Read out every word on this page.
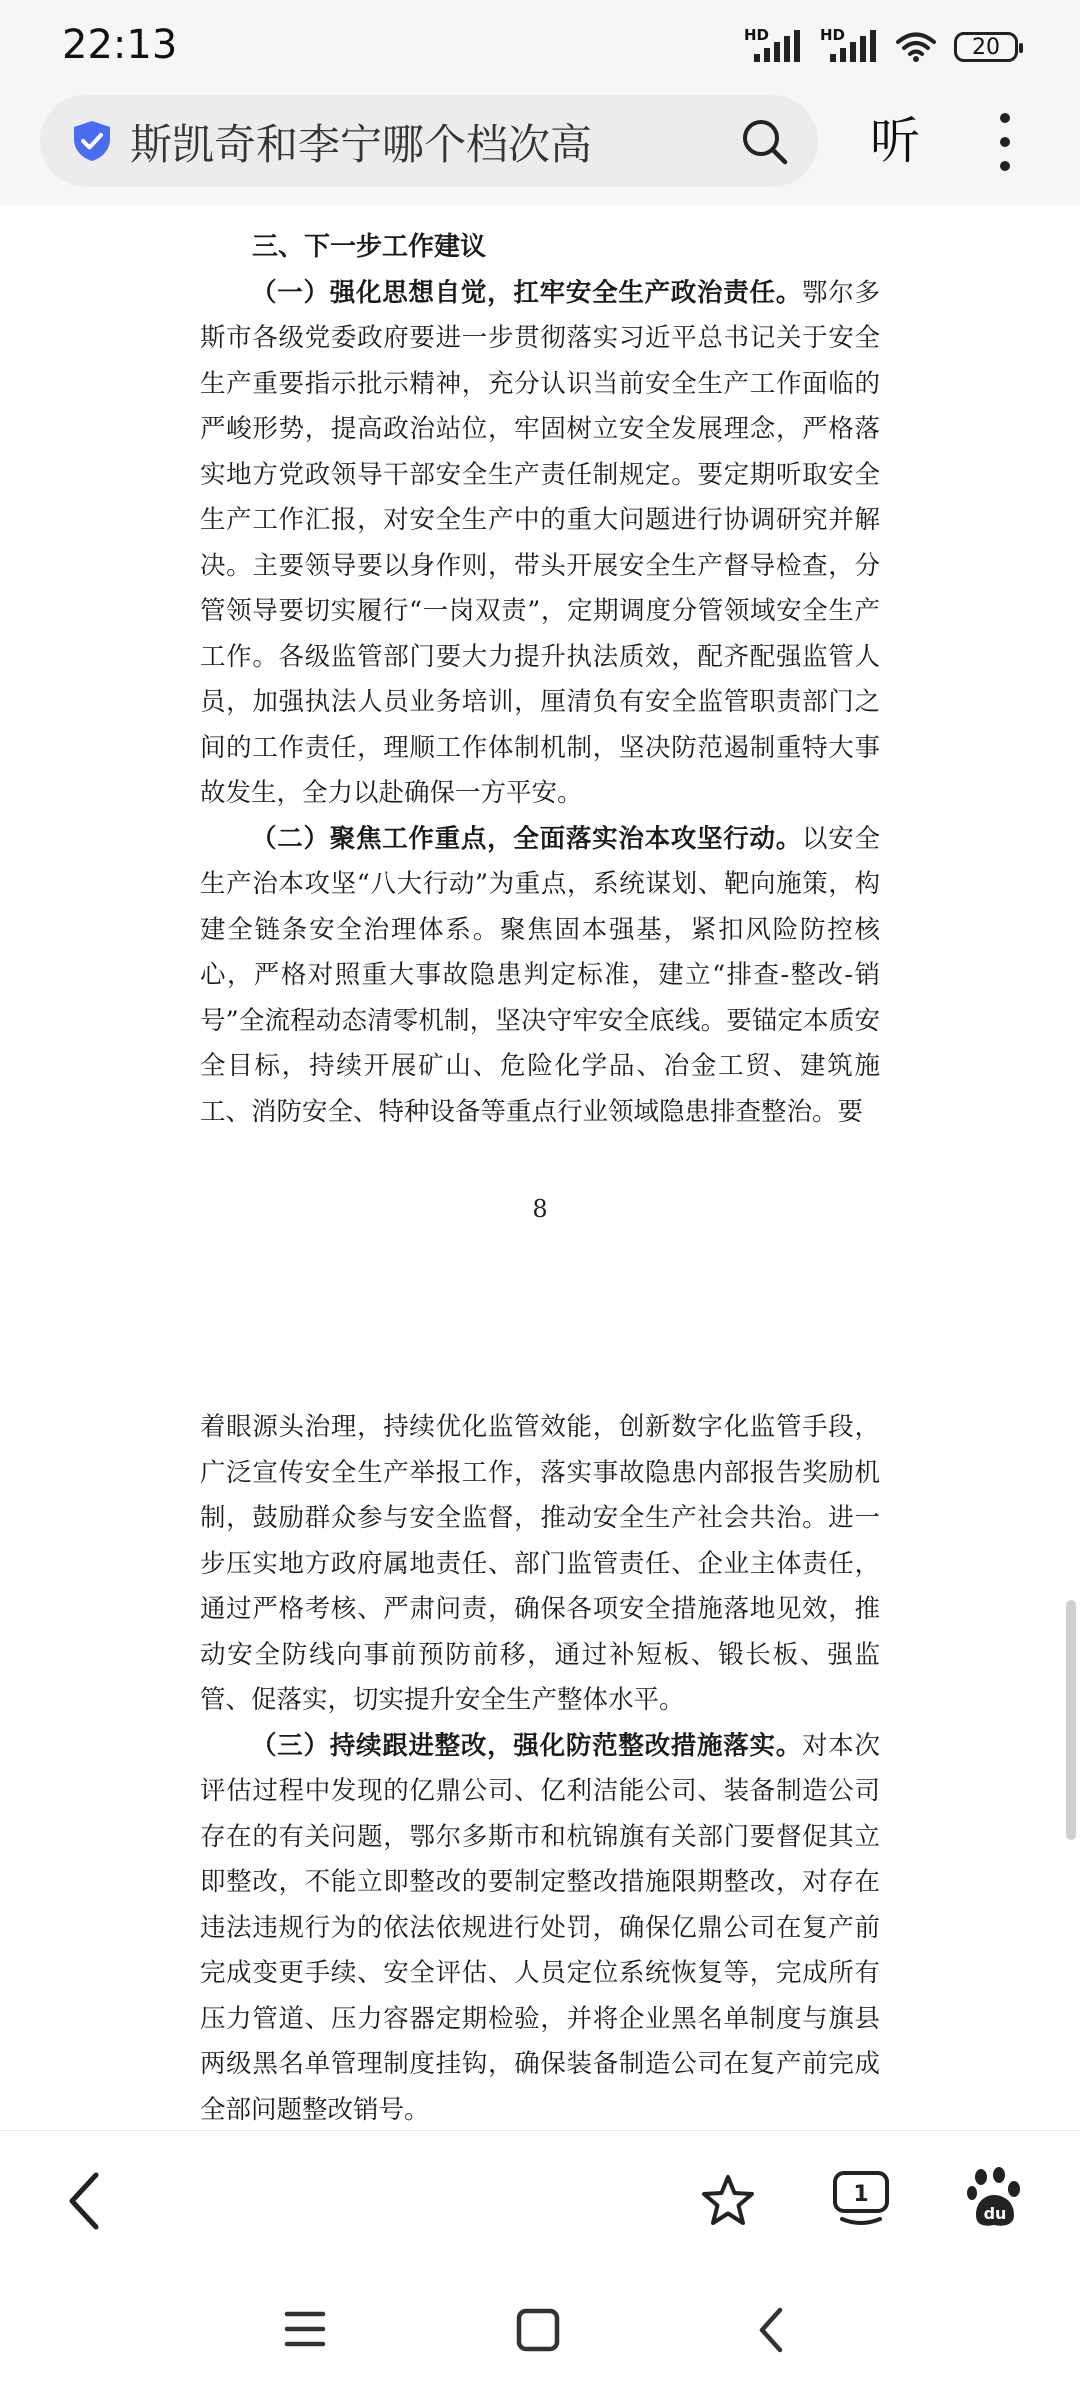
22:13	HD	HD	20
斯凯奇和李宁哪个档次高	听

三、下一步工作建议

（一）强化思想自觉，扛牢安全生产政治责任。鄂尔多斯市各级党委政府要进一步贯彻落实习近平总书记关于安全生产重要指示批示精神，充分认识当前安全生产工作面临的严峻形势，提高政治站位，牢固树立安全发展理念，严格落实地方党政领导干部安全生产责任制规定。要定期听取安全生产工作汇报，对安全生产中的重大问题进行协调研究并解决。主要领导要以身作则，带头开展安全生产督导检查，分管领导要切实履行“一岗双责”，定期调度分管领域安全生产工作。各级监管部门要大力提升执法质效，配齐配强监管人员，加强执法人员业务培训，厘清负有安全监管职责部门之间的工作责任，理顺工作体制机制，坚决防范遏制重特大事故发生，全力以赴确保一方平安。

（二）聚焦工作重点，全面落实治本攻坚行动。以安全生产治本攻坚“八大行动”为重点，系统谋划、靶向施策，构建全链条安全治理体系。聚焦固本强基，紧扣风险防控核心，严格对照重大事故隐患判定标准，建立“排查-整改-销号”全流程动态清零机制，坚决守牢安全底线。要锚定本质安全目标，持续开展矿山、危险化学品、冶金工贸、建筑施工、消防安全、特种设备等重点行业领域隐患排查整治。要

8

着眼源头治理，持续优化监管效能，创新数字化监管手段，广泛宣传安全生产举报工作，落实事故隐患内部报告奖励机制，鼓励群众参与安全监督，推动安全生产社会共治。进一步压实地方政府属地责任、部门监管责任、企业主体责任，通过严格考核、严肃问责，确保各项安全措施落地见效，推动安全防线向事前预防前移，通过补短板、锻长板、强监管、促落实，切实提升安全生产整体水平。

（三）持续跟进整改，强化防范整改措施落实。对本次评估过程中发现的亿鼎公司、亿利洁能公司、装备制造公司存在的有关问题，鄂尔多斯市和杭锦旗有关部门要督促其立即整改，不能立即整改的要制定整改措施限期整改，对存在违法违规行为的依法依规进行处罚，确保亿鼎公司在复产前完成变更手续、安全评估、人员定位系统恢复等，完成所有压力管道、压力容器定期检验，并将企业黑名单制度与旗县两级黑名单管理制度挂钩，确保装备制造公司在复产前完成全部问题整改销号。

1
du
